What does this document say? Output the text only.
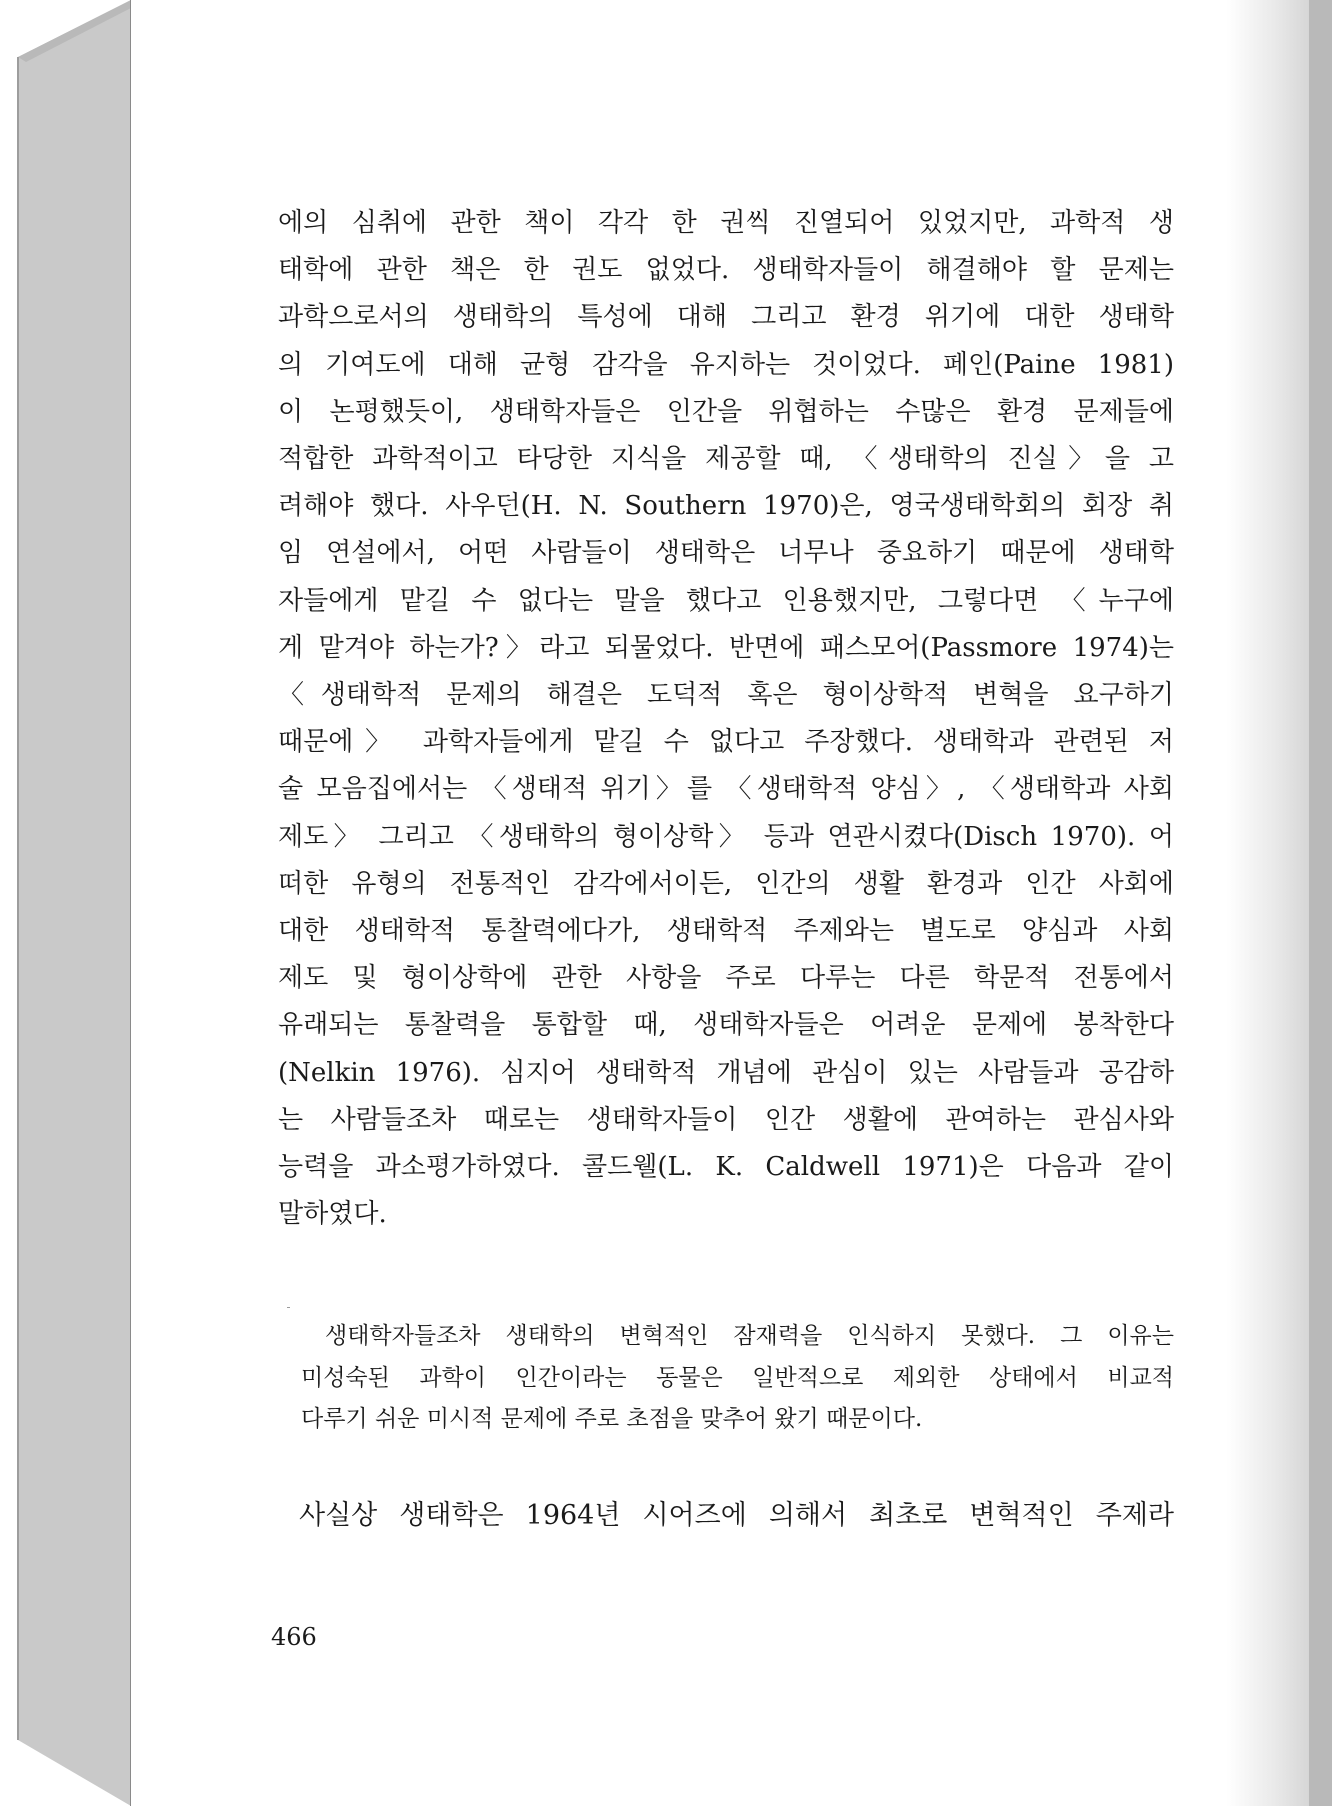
에의 심취에 관한 책이 각각 한 권씩 진열되어 있었지만, 과학적 생
태학에 관한 책은 한 권도 없었다. 생태학자들이 해결해야 할 문제는
과학으로서의 생태학의 특성에 대해 그리고 환경 위기에 대한 생태학
의 기여도에 대해 균형 감각을 유지하는 것이었다. 페인(Paine 1981)
이 논평했듯이, 생태학자들은 인간을 위협하는 수많은 환경 문제들에
적합한 과학적이고 타당한 지식을 제공할 때, 〈생태학의 진실〉을 고
려해야 했다. 사우던(H. N. Southern 1970)은, 영국생태학회의 회장 취
임 연설에서, 어떤 사람들이 생태학은 너무나 중요하기 때문에 생태학
자들에게 맡길 수 없다는 말을 했다고 인용했지만, 그렇다면 〈누구에
게 맡겨야 하는가?〉라고 되물었다. 반면에 패스모어(Passmore 1974)는
〈생태학적 문제의 해결은 도덕적 혹은 형이상학적 변혁을 요구하기
때문에〉 과학자들에게 맡길 수 없다고 주장했다. 생태학과 관련된 저
술 모음집에서는 〈생태적 위기〉를 〈생태학적 양심〉, 〈생태학과 사회
제도〉 그리고 〈생태학의 형이상학〉 등과 연관시켰다(Disch 1970). 어
떠한 유형의 전통적인 감각에서이든, 인간의 생활 환경과 인간 사회에
대한 생태학적 통찰력에다가, 생태학적 주제와는 별도로 양심과 사회
제도 및 형이상학에 관한 사항을 주로 다루는 다른 학문적 전통에서
유래되는 통찰력을 통합할 때, 생태학자들은 어려운 문제에 봉착한다
(Nelkin 1976). 심지어 생태학적 개념에 관심이 있는 사람들과 공감하
는 사람들조차 때로는 생태학자들이 인간 생활에 관여하는 관심사와
능력을 과소평가하였다. 콜드웰(L. K. Caldwell 1971)은 다음과 같이
말하였다.
생태학자들조차 생태학의 변혁적인 잠재력을 인식하지 못했다. 그 이유는
미성숙된 과학이 인간이라는 동물은 일반적으로 제외한 상태에서 비교적
다루기 쉬운 미시적 문제에 주로 초점을 맞추어 왔기 때문이다.

사실상 생태학은 1964년 시어즈에 의해서 최초로 변혁적인 주제라

466
